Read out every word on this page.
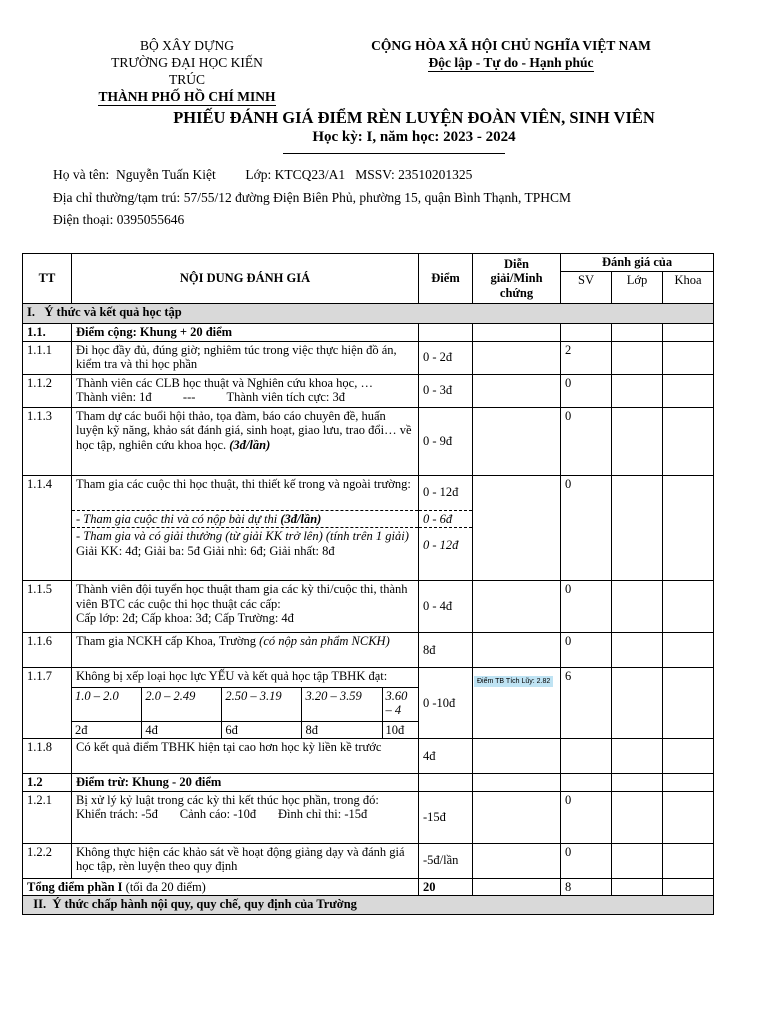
BỘ XÂY DỰNG
TRƯỜNG ĐẠI HỌC KIẾN TRÚC
THÀNH PHỐ HỒ CHÍ MINH
CỘNG HÒA XÃ HỘI CHỦ NGHĨA VIỆT NAM
Độc lập - Tự do - Hạnh phúc
PHIẾU ĐÁNH GIÁ ĐIỂM RÈN LUYỆN ĐOÀN VIÊN, SINH VIÊN
Học kỳ: I, năm học: 2023 - 2024
Họ và tên: Nguyễn Tuấn Kiệt Lớp: KTCQ23/A1 MSSV: 23510201325
Địa chỉ thường/tạm trú: 57/55/12 đường Điện Biên Phủ, phường 15, quận Bình Thạnh, TPHCM
Điện thoại: 0395055646
TT	NỘI DUNG ĐÁNH GIÁ	Điểm	Diễn giải/Minh chứng	Đánh giá của
SV	Lớp	Khoa
I. Ý thức và kết quả học tập
1.1.	Điểm cộng: Khung + 20 điểm					
1.1.1	Đi học đầy đủ, đúng giờ; nghiêm túc trong việc thực hiện đồ án, kiểm tra và thi học phần	0 - 2đ		2		
1.1.2	Thành viên các CLB học thuật và Nghiên cứu khoa học, …
Thành viên: 1đ          ---          Thành viên tích cực: 3đ	0 - 3đ		0		
1.1.3	Tham dự các buổi hội thảo, tọa đàm, báo cáo chuyên đề, huấn luyện kỹ năng, khảo sát đánh giá, sinh hoạt, giao lưu, trao đổi… về học tập, nghiên cứu khoa học. (3đ/lần)	0 - 9đ		0		
1.1.4	Tham gia các cuộc thi học thuật, thi thiết kế trong và ngoài trường:	0 - 12đ		0		
- Tham gia cuộc thi và có nộp bài dự thi (3đ/lần)	0 - 6đ

- Tham gia và có giải thưởng (từ giải KK trở lên) (tính trên 1 giải)
Giải KK: 4đ; Giải ba: 5đ Giải nhì: 6đ; Giải nhất: 8đ	0 - 12đ
1.1.5	Thành viên đội tuyển học thuật tham gia các kỳ thi/cuộc thi, thành viên BTC các cuộc thi học thuật các cấp:
Cấp lớp: 2đ; Cấp khoa: 3đ; Cấp Trường: 4đ
	0 - 4đ		0		
1.1.6	Tham gia NCKH cấp Khoa, Trường (có nộp sản phẩm NCKH)	8đ		0		
1.1.7	Không bị xếp loại học lực YẾU và kết quả học tập TBHK đạt:
1.0 – 2.0	2.0 – 2.49	2.50 – 3.19	3.20 – 3.59	3.60 – 4
2đ	4đ	6đ	8đ	10đ
	0 -10đ	Điểm TB Tích Lũy: 2.82	6		
1.1.8	Có kết quả điểm TBHK hiện tại cao hơn học kỳ liền kề trước	4đ				
1.2	Điểm trừ: Khung - 20 điểm					
1.2.1	Bị xử lý kỷ luật trong các kỳ thi kết thúc học phần, trong đó:
Khiển trách: -5đ       Cảnh cáo: -10đ       Đình chỉ thi: -15đ	-15đ		0		
1.2.2	Không thực hiện các khảo sát về hoạt động giảng dạy và đánh giá học tập, rèn luyện theo quy định	-5đ/lần		0		
Tổng điểm phần I (tối đa 20 điểm)	20		8		
II. Ý thức chấp hành nội quy, quy chế, quy định của Trường
